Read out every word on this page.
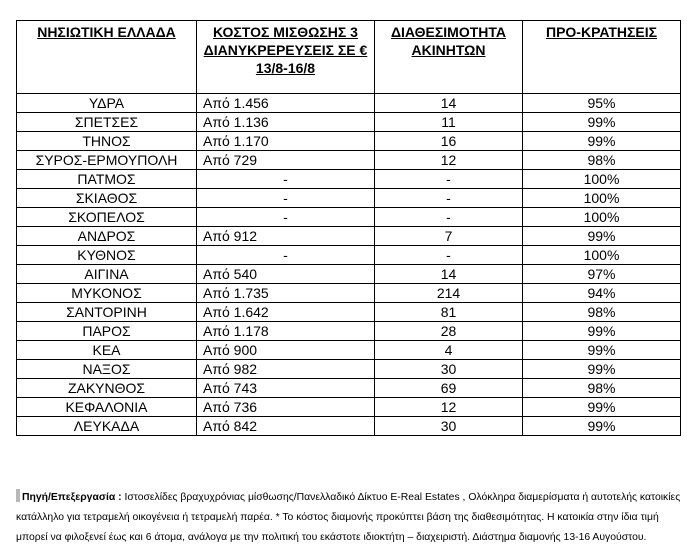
ΝΗΣΙΩΤΙΚΗ ΕΛΛΑΔΑ	ΚΟΣΤΟΣ ΜΙΣΘΩΣΗΣ 3 ΔΙΑΝΥΚΡΕΡΕΥΣΕΙΣ ΣΕ € 13/8-16/8	ΔΙΑΘΕΣΙΜΟΤΗΤΑ ΑΚΙΝΗΤΩΝ	ΠΡΟ-ΚΡΑΤΗΣΕΙΣ
ΥΔΡΑ	Από 1.456	14	95%
ΣΠΕΤΣΕΣ	Από 1.136	11	99%
ΤΗΝΟΣ	Από 1.170	16	99%
ΣΥΡΟΣ-ΕΡΜΟΥΠΟΛΗ	Από 729	12	98%
ΠΑΤΜΟΣ	-	-	100%
ΣΚΙΑΘΟΣ	-	-	100%
ΣΚΟΠΕΛΟΣ	-	-	100%
ΑΝΔΡΟΣ	Από 912	7	99%
ΚΥΘΝΟΣ	-	-	100%
ΑΙΓΙΝΑ	Από 540	14	97%
ΜΥΚΟΝΟΣ	Από 1.735	214	94%
ΣΑΝΤΟΡΙΝΗ	Από 1.642	81	98%
ΠΑΡΟΣ	Από 1.178	28	99%
ΚΕΑ	Από 900	4	99%
ΝΑΞΟΣ	Από 982	30	99%
ΖΑΚΥΝΘΟΣ	Από 743	69	98%
ΚΕΦΑΛΟΝΙΑ	Από 736	12	99%
ΛΕΥΚΑΔΑ	Από 842	30	99%
Πηγή/Επεξεργασία : Ιστοσελίδες βραχυχρόνιας μίσθωσης/Πανελλαδικό Δίκτυο E-Real Estates , Ολόκληρα διαμερίσματα ή αυτοτελής κατοικίες κατάλληλο για τετραμελή οικογένεια ή τετραμελή παρέα. * Το κόστος διαμονής προκύπτει βάση της διαθεσιμότητας. Η κατοικία στην ίδια τιμή μπορεί να φιλοξενεί έως και 6 άτομα, ανάλογα με την πολιτική του εκάστοτε ιδιοκτήτη – διαχειριστή. Διάστημα διαμονής 13-16 Αυγούστου.
